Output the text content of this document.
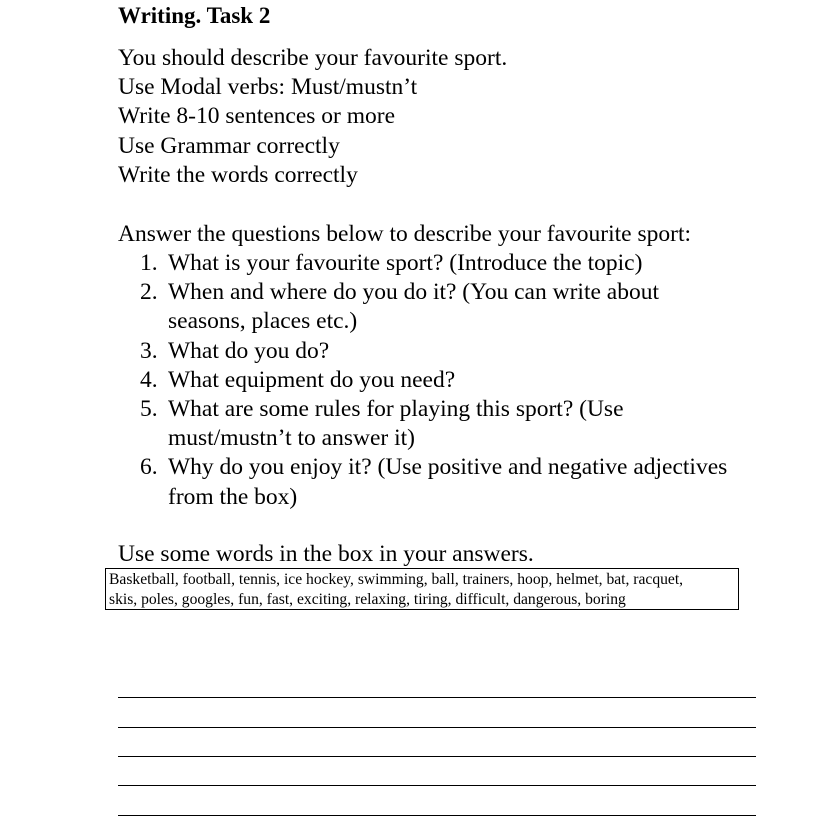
Writing. Task 2
You should describe your favourite sport.
Use Modal verbs: Must/mustn’t
Write 8-10 sentences or more
Use Grammar correctly
Write the words correctly
Answer the questions below to describe your favourite sport:
1. What is your favourite sport? (Introduce the topic)
2. When and where do you do it? (You can write about
seasons, places etc.)
3. What do you do?
4. What equipment do you need?
5. What are some rules for playing this sport? (Use
must/mustn’t to answer it)
6. Why do you enjoy it? (Use positive and negative adjectives
from the box)
Use some words in the box in your answers.
Basketball, football, tennis, ice hockey, swimming, ball, trainers, hoop, helmet, bat, racquet,
skis, poles, googles, fun, fast, exciting, relaxing, tiring, difficult, dangerous, boring
